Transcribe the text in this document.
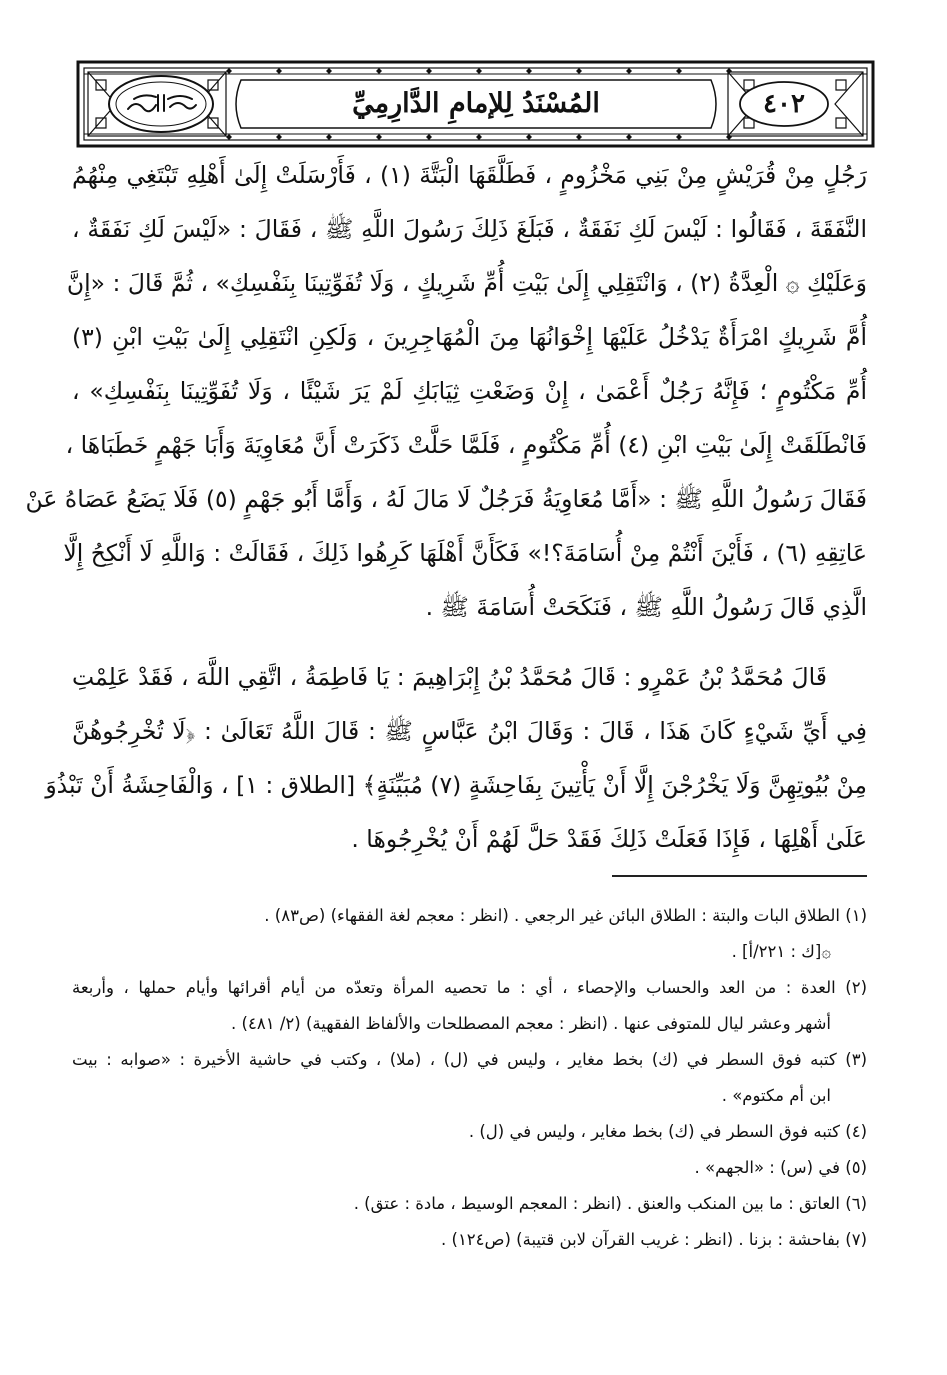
المُسْنَدُ لِلإمامِ الدَّارِمِيِّ	٤٠٢
رَجُلٍ مِنْ قُرَيْشٍ مِنْ بَنِي مَخْزُومٍ ، فَطَلَّقَهَا الْبَتَّةَ (١) ، فَأَرْسَلَتْ إِلَىٰ أَهْلِهِ تَبْتَغِي مِنْهُمُ
النَّفَقَةَ ، فَقَالُوا : لَيْسَ لَكِ نَفَقَةٌ ، فَبَلَغَ ذَلِكَ رَسُولَ اللَّهِ ﷺ ، فَقَالَ : «لَيْسَ لَكِ نَفَقَةٌ ،
وَعَلَيْكِ ۞ الْعِدَّةُ (٢) ، وَانْتَقِلِي إِلَىٰ بَيْتِ أُمِّ شَرِيكٍ ، وَلَا تُفَوِّتِينَا بِنَفْسِكِ» ، ثُمَّ قَالَ : «إِنَّ
أُمَّ شَرِيكٍ امْرَأَةٌ يَدْخُلُ عَلَيْهَا إِخْوَانُهَا مِنَ الْمُهَاجِرِينَ ، وَلَكِنِ انْتَقِلِي إِلَىٰ بَيْتِ ابْنِ (٣)
أُمِّ مَكْتُومٍ ؛ فَإِنَّهُ رَجُلٌ أَعْمَىٰ ، إِنْ وَضَعْتِ ثِيَابَكِ لَمْ يَرَ شَيْئًا ، وَلَا تُفَوِّتِينَا بِنَفْسِكِ» ،
فَانْطَلَقَتْ إِلَىٰ بَيْتِ ابْنِ (٤) أُمِّ مَكْتُومٍ ، فَلَمَّا حَلَّتْ ذَكَرَتْ أَنَّ مُعَاوِيَةَ وَأَبَا جَهْمٍ خَطَبَاهَا ،
فَقَالَ رَسُولُ اللَّهِ ﷺ : «أَمَّا مُعَاوِيَةُ فَرَجُلٌ لَا مَالَ لَهُ ، وَأَمَّا أَبُو جَهْمٍ (٥) فَلَا يَضَعُ عَصَاهُ عَنْ
عَاتِقِهِ (٦) ، فَأَيْنَ أَنْتُمْ مِنْ أُسَامَةَ؟!» فَكَأَنَّ أَهْلَهَا كَرِهُوا ذَلِكَ ، فَقَالَتْ : وَاللَّهِ لَا أَنْكِحُ إِلَّا
الَّذِي قَالَ رَسُولُ اللَّهِ ﷺ ، فَنَكَحَتْ أُسَامَةَ ﷺ .
قَالَ مُحَمَّدُ بْنُ عَمْرٍو : قَالَ مُحَمَّدُ بْنُ إِبْرَاهِيمَ : يَا فَاطِمَةُ ، اتَّقِي اللَّهَ ، فَقَدْ عَلِمْتِ
فِي أَيِّ شَيْءٍ كَانَ هَذَا ، قَالَ : وَقَالَ ابْنُ عَبَّاسٍ ﷺ : قَالَ اللَّهُ تَعَالَىٰ : ﴿لَا تُخْرِجُوهُنَّ
مِنْ بُيُوتِهِنَّ وَلَا يَخْرُجْنَ إِلَّا أَنْ يَأْتِينَ بِفَاحِشَةٍ (٧) مُبَيِّنَةٍ﴾ [الطلاق : ١] ، وَالْفَاحِشَةُ أَنْ تَبْذُوَ
عَلَىٰ أَهْلِهَا ، فَإِذَا فَعَلَتْ ذَلِكَ فَقَدْ حَلَّ لَهُمْ أَنْ يُخْرِجُوهَا .
(١) الطلاق البات والبتة : الطلاق البائن غير الرجعي . (انظر : معجم لغة الفقهاء) (ص٨٣) .
۞[ك : ٢٢١/أ] .
(٢) العدة : من العد والحساب والإحصاء ، أي : ما تحصيه المرأة وتعدّه من أيام أقرائها وأيام حملها ، وأربعة
أشهر وعشر ليال للمتوفى عنها . (انظر : معجم المصطلحات والألفاظ الفقهية) (٢/ ٤٨١) .
(٣) كتبه فوق السطر في (ك) بخط مغاير ، وليس في (ل) ، (ملا) ، وكتب في حاشية الأخيرة : «صوابه : بيت
ابن أم مكتوم» .
(٤) كتبه فوق السطر في (ك) بخط مغاير ، وليس في (ل) .
(٥) في (س) : «الجهم» .
(٦) العاتق : ما بين المنكب والعنق . (انظر : المعجم الوسيط ، مادة : عتق) .
(٧) بفاحشة : بزنا . (انظر : غريب القرآن لابن قتيبة) (ص١٢٤) .
